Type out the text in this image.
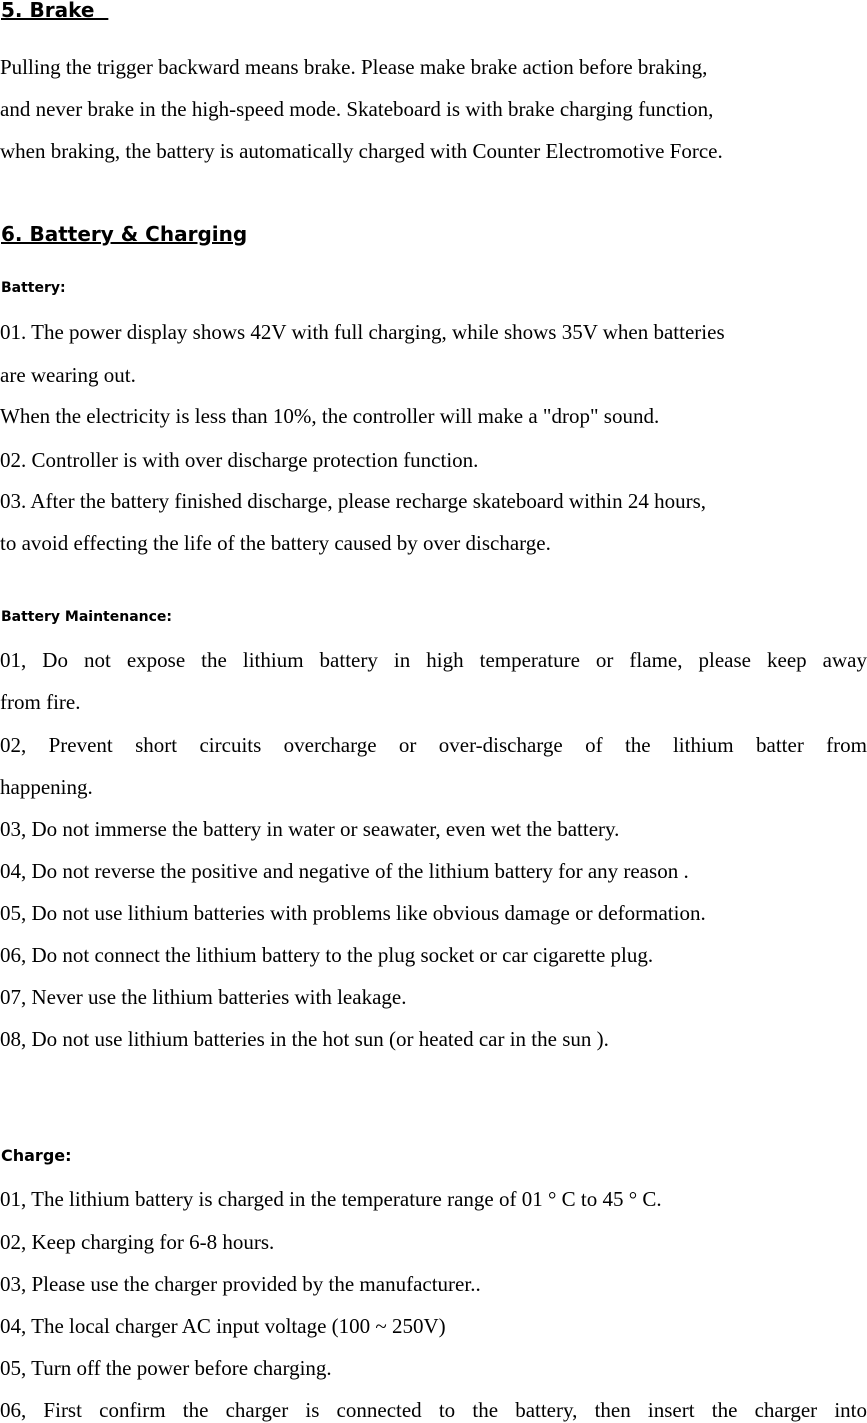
5. Brake

Pulling the trigger backward means brake. Please make brake action before braking,

and never brake in the high-speed mode. Skateboard is with brake charging function,

when braking, the battery is automatically charged with Counter Electromotive Force.

6. Battery & Charging
Battery:

01. The power display shows 42V with full charging, while shows 35V when batteries

are wearing out.

When the electricity is less than 10%, the controller will make a "drop" sound.

02. Controller is with over discharge protection function.

03. After the battery finished discharge, please recharge skateboard within 24 hours,

to avoid effecting the life of the battery caused by over discharge.

Battery Maintenance:

01, Do not expose the lithium battery in high temperature or flame, please keep away

from fire.

02, Prevent short circuits overcharge or over-discharge of the lithium batter from

happening.

03, Do not immerse the battery in water or seawater, even wet the battery.

04, Do not reverse the positive and negative of the lithium battery for any reason .

05, Do not use lithium batteries with problems like obvious damage or deformation.

06, Do not connect the lithium battery to the plug socket or car cigarette plug.

07, Never use the lithium batteries with leakage.

08, Do not use lithium batteries in the hot sun (or heated car in the sun ).

Charge:

01, The lithium battery is charged in the temperature range of 01 ° C to 45 ° C.

02, Keep charging for 6-8 hours.

03, Please use the charger provided by the manufacturer..

04, The local charger AC input voltage (100 ~ 250V)

05, Turn off the power before charging.

06, First confirm the charger is connected to the battery, then insert the charger into
